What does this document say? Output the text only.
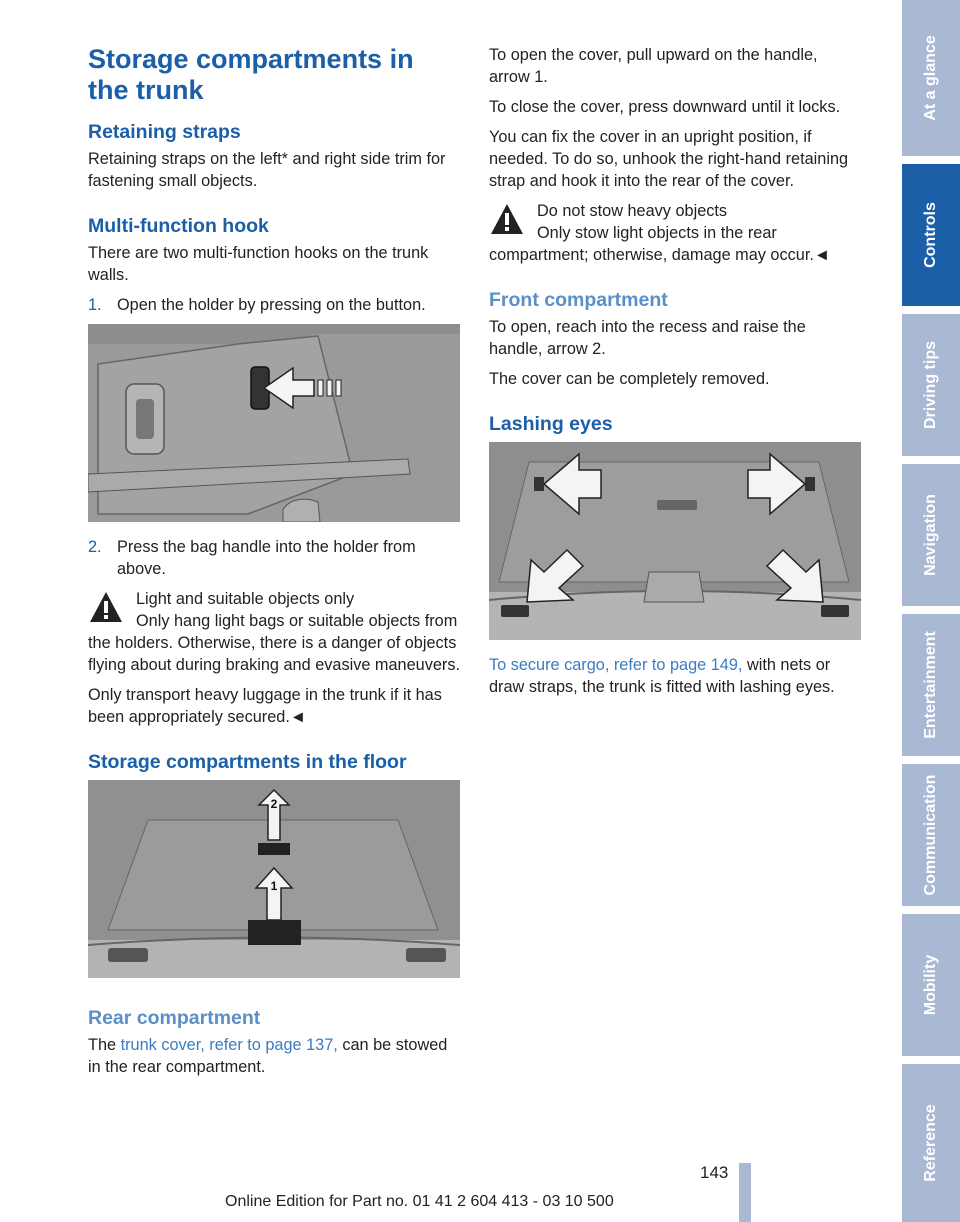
Storage compartments in the trunk
Retaining straps

Retaining straps on the left* and right side trim for fastening small objects.

Multi-function hook

There are two multi-function hooks on the trunk walls.

1. Open the holder by pressing on the button.
2. Press the bag handle into the holder from above.
Light and suitable objects only
Only hang light bags or suitable objects from the holders. Otherwise, there is a danger of objects flying about during braking and evasive maneuvers.

Only transport heavy luggage in the trunk if it has been appropriately secured.◄

Storage compartments in the floor
2
1
Rear compartment

The trunk cover, refer to page 137, can be stowed in the rear compartment.

To open the cover, pull upward on the handle, arrow 1.

To close the cover, press downward until it locks.

You can fix the cover in an upright position, if needed. To do so, unhook the right-hand retaining strap and hook it into the rear of the cover.

Do not stow heavy objects
Only stow light objects in the rear compartment; otherwise, damage may occur.◄
Front compartment

To open, reach into the recess and raise the handle, arrow 2.

The cover can be completely removed.

Lashing eyes

To secure cargo, refer to page 149, with nets or draw straps, the trunk is fitted with lashing eyes.

At a glance
Controls
Driving tips
Navigation
Entertainment
Communication
Mobility
Reference
143
Online Edition for Part no. 01 41 2 604 413 - 03 10 500
